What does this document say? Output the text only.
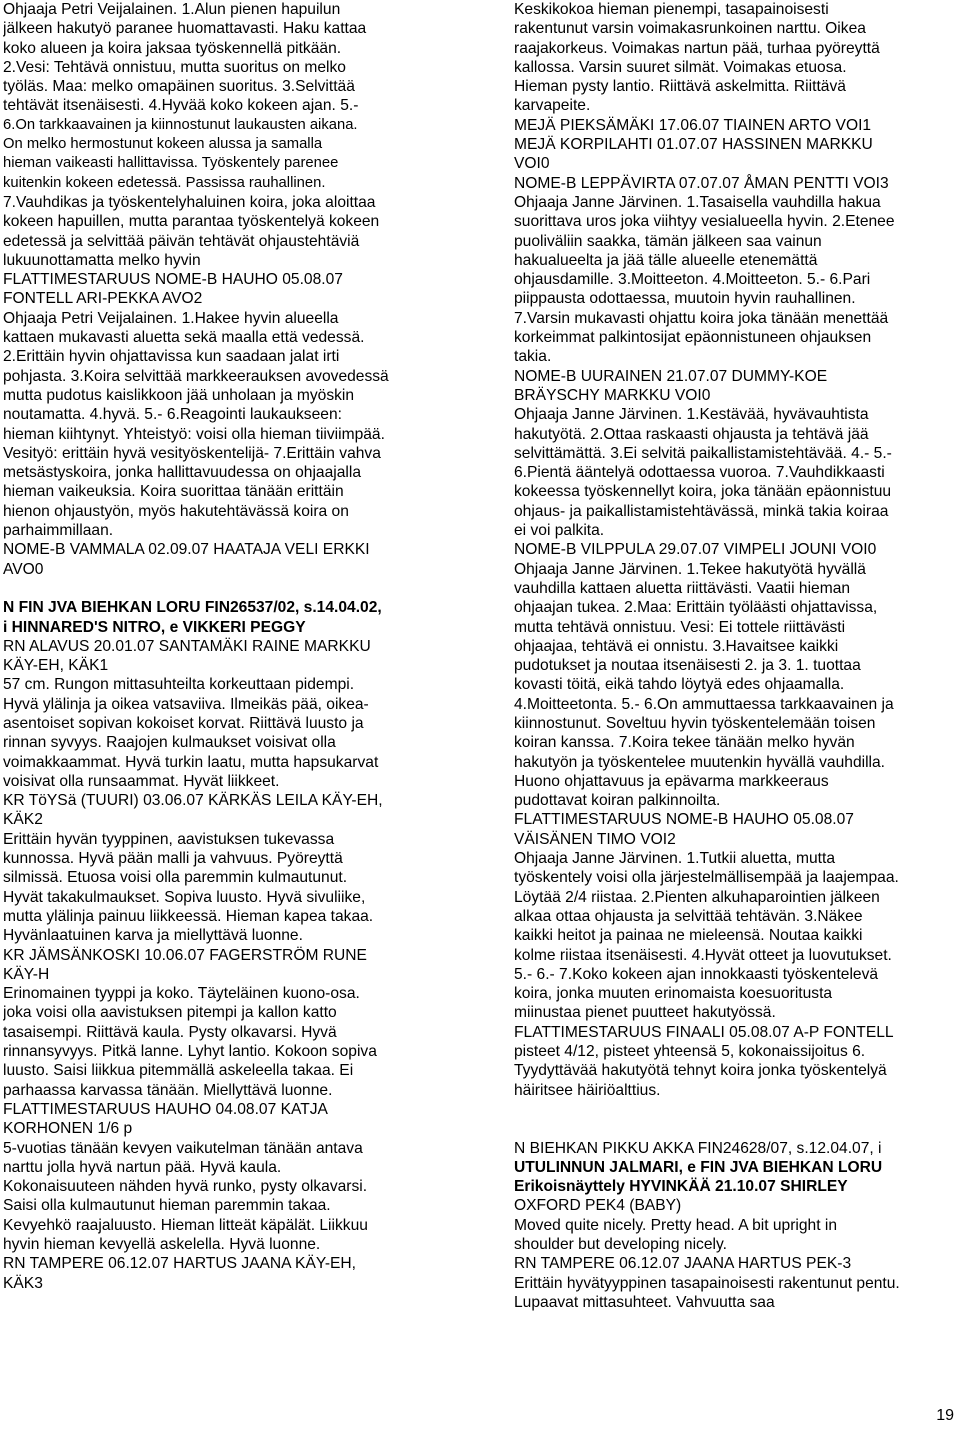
Ohjaaja Petri Veijalainen. 1.Alun pienen hapuilun
jälkeen hakutyö paranee huomattavasti. Haku kattaa
koko alueen ja koira jaksaa työskennellä pitkään.
2.Vesi: Tehtävä onnistuu, mutta suoritus on melko
työläs. Maa: melko omapäinen suoritus. 3.Selvittää
tehtävät itsenäisesti. 4.Hyvää koko kokeen ajan. 5.-
6.On tarkkaavainen ja kiinnostunut laukausten aikana.
On melko hermostunut kokeen alussa ja samalla
hieman vaikeasti hallittavissa. Työskentely parenee
kuitenkin kokeen edetessä. Passissa rauhallinen.
7.Vauhdikas ja työskentelyhaluinen koira, joka aloittaa
kokeen hapuillen, mutta parantaa työskentelyä kokeen
edetessä ja selvittää päivän tehtävät ohjaustehtäviä
lukuunottamatta melko hyvin
FLATTIMESTARUUS NOME-B HAUHO 05.08.07
FONTELL ARI-PEKKA AVO2
Ohjaaja Petri Veijalainen. 1.Hakee hyvin alueella
kattaen mukavasti aluetta sekä maalla että vedessä.
2.Erittäin hyvin ohjattavissa kun saadaan jalat irti
pohjasta. 3.Koira selvittää markkeerauksen avovedessä
mutta pudotus kaislikkoon jää unholaan ja myöskin
noutamatta. 4.hyvä. 5.- 6.Reagointi laukaukseen:
hieman kiihtynyt. Yhteistyö: voisi olla hieman tiiviimpää.
Vesityö: erittäin hyvä vesityöskentelijä- 7.Erittäin vahva
metsästyskoira, jonka hallittavuudessa on ohjaajalla
hieman vaikeuksia. Koira suorittaa tänään erittäin
hienon ohjaustyön, myös hakutehtävässä koira on
parhaimmillaan.
NOME-B VAMMALA 02.09.07 HAATAJA VELI ERKKI
AVO0
N FIN JVA BIEHKAN LORU FIN26537/02, s.14.04.02,
i HINNARED'S NITRO, e VIKKERI PEGGY
RN ALAVUS 20.01.07 SANTAMÄKI RAINE MARKKU
KÄY-EH, KÄK1
57 cm. Rungon mittasuhteilta korkeuttaan pidempi.
Hyvä ylälinja ja oikea vatsaviiva. Ilmeikäs pää, oikea-
asentoiset sopivan kokoiset korvat. Riittävä luusto ja
rinnan syvyys. Raajojen kulmaukset voisivat olla
voimakkaammat. Hyvä turkin laatu, mutta hapsukarvat
voisivat olla runsaammat. Hyvät liikkeet.
KR TöYSä (TUURI) 03.06.07 KÄRKÄS LEILA KÄY-EH,
KÄK2
Erittäin hyvän tyyppinen, aavistuksen tukevassa
kunnossa. Hyvä pään malli ja vahvuus. Pyöreyttä
silmissä. Etuosa voisi olla paremmin kulmautunut.
Hyvät takakulmaukset. Sopiva luusto. Hyvä sivuliike,
mutta ylälinja painuu liikkeessä. Hieman kapea takaa.
Hyvänlaatuinen karva ja miellyttävä luonne.
KR JÄMSÄNKOSKI 10.06.07 FAGERSTRÖM RUNE
KÄY-H
Erinomainen tyyppi ja koko. Täyteläinen kuono-osa.
joka voisi olla aavistuksen pitempi ja kallon katto
tasaisempi. Riittävä kaula. Pysty olkavarsi. Hyvä
rinnansyvyys. Pitkä lanne. Lyhyt lantio. Kokoon sopiva
luusto. Saisi liikkua pitemmällä askeleella takaa. Ei
parhaassa karvassa tänään. Miellyttävä luonne.
FLATTIMESTARUUS HAUHO 04.08.07 KATJA
KORHONEN 1/6 p
5-vuotias tänään kevyen vaikutelman tänään antava
narttu jolla hyvä nartun pää. Hyvä kaula.
Kokonaisuuteen nähden hyvä runko, pysty olkavarsi.
Saisi olla kulmautunut hieman paremmin takaa.
Kevyehkö raajaluusto. Hieman litteät käpälät. Liikkuu
hyvin hieman kevyellä askelella. Hyvä luonne.
RN TAMPERE 06.12.07 HARTUS JAANA KÄY-EH,
KÄK3
Keskikokoa hieman pienempi, tasapainoisesti
rakentunut varsin voimakasrunkoinen narttu. Oikea
raajakorkeus. Voimakas nartun pää, turhaa pyöreyttä
kallossa. Varsin suuret silmät. Voimakas etuosa.
Hieman pysty lantio. Riittävä askelmitta. Riittävä
karvapeite.
MEJÄ PIEKSÄMÄKI 17.06.07 TIAINEN ARTO VOI1
MEJÄ KORPILAHTI 01.07.07 HASSINEN MARKKU
VOI0
NOME-B LEPPÄVIRTA 07.07.07 ÅMAN PENTTI VOI3
Ohjaaja Janne Järvinen. 1.Tasaisella vauhdilla hakua
suorittava uros joka viihtyy vesialueella hyvin. 2.Etenee
puoliväliin saakka, tämän jälkeen saa vainun
hakualueelta ja jää tälle alueelle etenemättä
ohjausdamille. 3.Moitteeton. 4.Moitteeton. 5.- 6.Pari
piippausta odottaessa, muutoin hyvin rauhallinen.
7.Varsin mukavasti ohjattu koira joka tänään menettää
korkeimmat palkintosijat epäonnistuneen ohjauksen
takia.
NOME-B UURAINEN 21.07.07 DUMMY-KOE
BRÄYSCHY MARKKU VOI0
Ohjaaja Janne Järvinen. 1.Kestävää, hyvävauhtista
hakutyötä. 2.Ottaa raskaasti ohjausta ja tehtävä jää
selvittämättä. 3.Ei selvitä paikallistamistehtävää. 4.- 5.-
6.Pientä ääntelyä odottaessa vuoroa. 7.Vauhdikkaasti
kokeessa työskennellyt koira, joka tänään epäonnistuu
ohjaus- ja paikallistamistehtävässä, minkä takia koiraa
ei voi palkita.
NOME-B VILPPULA 29.07.07 VIMPELI JOUNI VOI0
Ohjaaja Janne Järvinen. 1.Tekee hakutyötä hyvällä
vauhdilla kattaen aluetta riittävästi. Vaatii hieman
ohjaajan tukea. 2.Maa: Erittäin työläästi ohjattavissa,
mutta tehtävä onnistuu. Vesi: Ei tottele riittävästi
ohjaajaa, tehtävä ei onnistu. 3.Havaitsee kaikki
pudotukset ja noutaa itsenäisesti 2. ja 3. 1. tuottaa
kovasti töitä, eikä tahdo löytyä edes ohjaamalla.
4.Moitteetonta. 5.- 6.On ammuttaessa tarkkaavainen ja
kiinnostunut. Soveltuu hyvin työskentelemään toisen
koiran kanssa. 7.Koira tekee tänään melko hyvän
hakutyön ja työskentelee muutenkin hyvällä vauhdilla.
Huono ohjattavuus ja epävarma markkeeraus
pudottavat koiran palkinnoilta.
FLATTIMESTARUUS NOME-B HAUHO 05.08.07
VÄISÄNEN TIMO VOI2
Ohjaaja Janne Järvinen. 1.Tutkii aluetta, mutta
työskentely voisi olla järjestelmällisempää ja laajempaa.
Löytää 2/4 riistaa. 2.Pienten alkuhaparointien jälkeen
alkaa ottaa ohjausta ja selvittää tehtävän. 3.Näkee
kaikki heitot ja painaa ne mieleensä. Noutaa kaikki
kolme riistaa itsenäisesti. 4.Hyvät otteet ja luovutukset.
5.- 6.- 7.Koko kokeen ajan innokkaasti työskentelevä
koira, jonka muuten erinomaista koesuoritusta
miinustaa pienet puutteet hakutyössä.
FLATTIMESTARUUS FINAALI 05.08.07 A-P FONTELL
pisteet 4/12, pisteet yhteensä 5, kokonaissijoitus 6.
Tyydyttävää hakutyötä tehnyt koira jonka työskentelyä
häiritsee häiriöalttius.
N BIEHKAN PIKKU AKKA FIN24628/07, s.12.04.07, i
UTULINNUN JALMARI, e FIN JVA BIEHKAN LORU
Erikoisnäyttely HYVINKÄÄ 21.10.07 SHIRLEY
OXFORD PEK4 (BABY)
Moved quite nicely. Pretty head. A bit upright in
shoulder but developing nicely.
RN TAMPERE 06.12.07 JAANA HARTUS PEK-3
Erittäin hyvätyyppinen tasapainoisesti rakentunut pentu.
Lupaavat mittasuhteet. Vahvuutta saa
19
